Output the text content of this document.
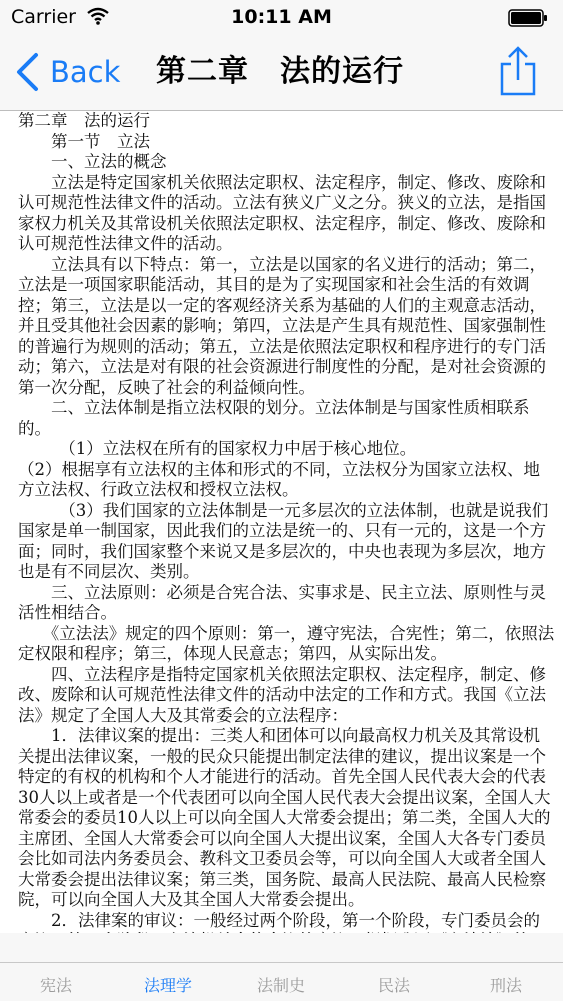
Carrier	10:11 AM
Back	第二章　法的运行

第二章　法的运行

　　第一节　立法

　　一、立法的概念

　　立法是特定国家机关依照法定职权、法定程序，制定、修改、废除和认可规范性法律文件的活动。立法有狭义广义之分。狭义的立法，是指国家权力机关及其常设机关依照法定职权、法定程序，制定、修改、废除和认可规范性法律文件的活动。

　　立法具有以下特点：第一，立法是以国家的名义进行的活动；第二，立法是一项国家职能活动，其目的是为了实现国家和社会生活的有效调控；第三，立法是以一定的客观经济关系为基础的人们的主观意志活动，并且受其他社会因素的影响；第四，立法是产生具有规范性、国家强制性的普遍行为规则的活动；第五，立法是依照法定职权和程序进行的专门活动；第六，立法是对有限的社会资源进行制度性的分配，是对社会资源的第一次分配，反映了社会的利益倾向性。

　　二、立法体制是指立法权限的划分。立法体制是与国家性质相联系的。

　　　（1）立法权在所有的国家权力中居于核心地位。

（2）根据享有立法权的主体和形式的不同，立法权分为国家立法权、地方立法权、行政立法权和授权立法权。

　　　（3）我们国家的立法体制是一元多层次的立法体制，也就是说我们国家是单一制国家，因此我们的立法是统一的、只有一元的，这是一个方面；同时，我们国家整个来说又是多层次的，中央也表现为多层次，地方也是有不同层次、类别。

　　三、立法原则：必须是合宪合法、实事求是、民主立法、原则性与灵活性相结合。

　　《立法法》规定的四个原则：第一，遵守宪法，合宪性；第二，依照法定权限和程序；第三，体现人民意志；第四，从实际出发。

　　四、立法程序是指特定国家机关依照法定职权、法定程序，制定、修改、废除和认可规范性法律文件的活动中法定的工作和方式。我国《立法法》规定了全国人大及其常委会的立法程序：

　　1．法律议案的提出：三类人和团体可以向最高权力机关及其常设机关提出法律议案，一般的民众只能提出制定法律的建议，提出议案是一个特定的有权的机构和个人才能进行的活动。首先全国人民代表大会的代表30人以上或者是一个代表团可以向全国人民代表大会提出议案，全国人大常委会的委员10人以上可以向全国人大常委会提出；第二类，全国人大的主席团、全国人大常委会可以向全国人大提出议案，全国人大各专门委员会比如司法内务委员会、教科文卫委员会等，可以向全国人大或者全国人大常委会提出法律议案；第三类，国务院、最高人民法院、最高人民检察院，可以向全国人大及其全国人大常委会提出。

　　2．法律案的审议：一般经过两个阶段，第一个阶段，专门委员会的

宪法	法理学	法制史	民法	刑法
